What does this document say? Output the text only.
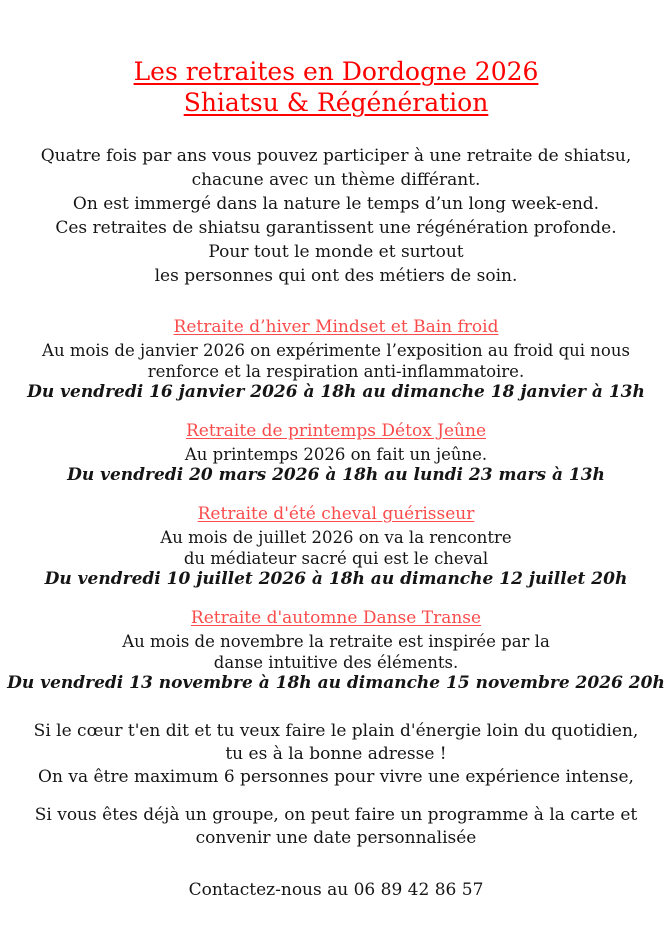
Les retraites en Dordogne 2026
Shiatsu & Régénération
Quatre fois par ans vous pouvez participer à une retraite de shiatsu,
chacune avec un thème différant.
On est immergé dans la nature le temps d’un long week-end.
Ces retraites de shiatsu garantissent une régénération profonde.
Pour tout le monde et surtout
les personnes qui ont des métiers de soin.
Retraite d’hiver Mindset et Bain froid
Au mois de janvier 2026 on expérimente l’exposition au froid qui nous
renforce et la respiration anti-inflammatoire.
Du vendredi 16 janvier 2026 à 18h au dimanche 18 janvier à 13h
Retraite de printemps Détox Jeûne
Au printemps 2026 on fait un jeûne.
Du vendredi 20 mars 2026 à 18h au lundi 23 mars à 13h
Retraite d'été cheval guérisseur
Au mois de juillet 2026 on va la rencontre
du médiateur sacré qui est le cheval
Du vendredi 10 juillet 2026 à 18h au dimanche 12 juillet 20h
Retraite d'automne Danse Transe
Au mois de novembre la retraite est inspirée par la
danse intuitive des éléments.
Du vendredi 13 novembre à 18h au dimanche 15 novembre 2026 20h
Si le cœur t'en dit et tu veux faire le plain d'énergie loin du quotidien,
tu es à la bonne adresse !
On va être maximum 6 personnes pour vivre une expérience intense,
Si vous êtes déjà un groupe, on peut faire un programme à la carte et
convenir une date personnalisée
Contactez-nous au 06 89 42 86 57
